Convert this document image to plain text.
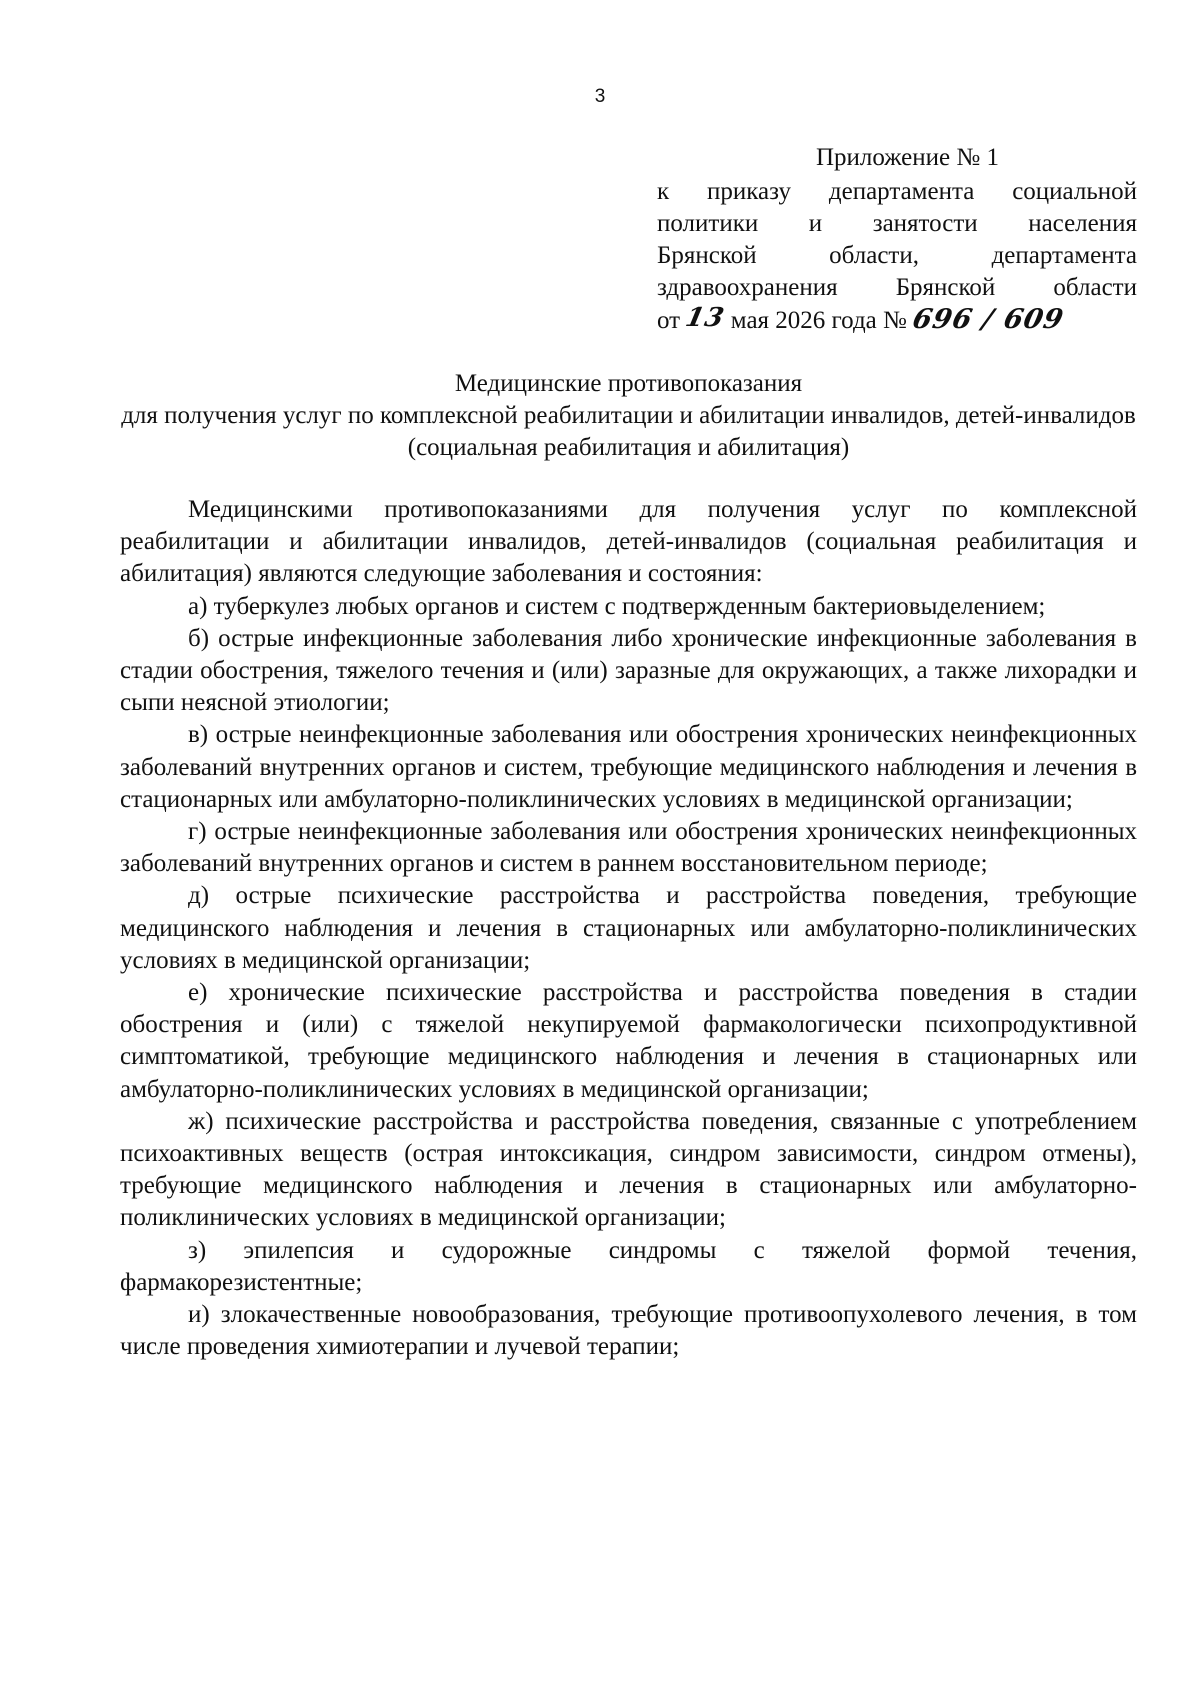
3
Приложение № 1
к приказу департамента социальной
политики и занятости населения
Брянской	области,	департамента
здравоохранения Брянской области
от 13 мая 2026 года № 696 / 609
Медицинские противопоказания
для получения услуг по комплексной реабилитации и абилитации инвалидов, детей-инвалидов (социальная реабилитация и абилитация)

Медицинскими противопоказаниями для получения услуг по комплексной реабилитации и абилитации инвалидов, детей-инвалидов (социальная реабилитация и абилитация) являются следующие заболевания и состояния:

а) туберкулез любых органов и систем с подтвержденным бактериовыделением;

б) острые инфекционные заболевания либо хронические инфекционные заболевания в стадии обострения, тяжелого течения и (или) заразные для окружающих, а также лихорадки и сыпи неясной этиологии;

в) острые неинфекционные заболевания или обострения хронических неинфекционных заболеваний внутренних органов и систем, требующие медицинского наблюдения и лечения в стационарных или амбулаторно-поликлинических условиях в медицинской организации;

г) острые неинфекционные заболевания или обострения хронических неинфекционных заболеваний внутренних органов и систем в раннем восстановительном периоде;

д) острые психические расстройства и расстройства поведения, требующие медицинского наблюдения и лечения в стационарных или амбулаторно-поликлинических условиях в медицинской организации;

е) хронические психические расстройства и расстройства поведения в стадии обострения и (или) с тяжелой некупируемой фармакологически психопродуктивной симптоматикой, требующие медицинского наблюдения и лечения в стационарных или амбулаторно-поликлинических условиях в медицинской организации;

ж) психические расстройства и расстройства поведения, связанные с употреблением психоактивных веществ (острая интоксикация, синдром зависимости, синдром отмены), требующие медицинского наблюдения и лечения в стационарных или амбулаторно-поликлинических условиях в медицинской организации;

з) эпилепсия и судорожные синдромы с тяжелой формой течения, фармакорезистентные;

и) злокачественные новообразования, требующие противоопухолевого лечения, в том числе проведения химиотерапии и лучевой терапии;
